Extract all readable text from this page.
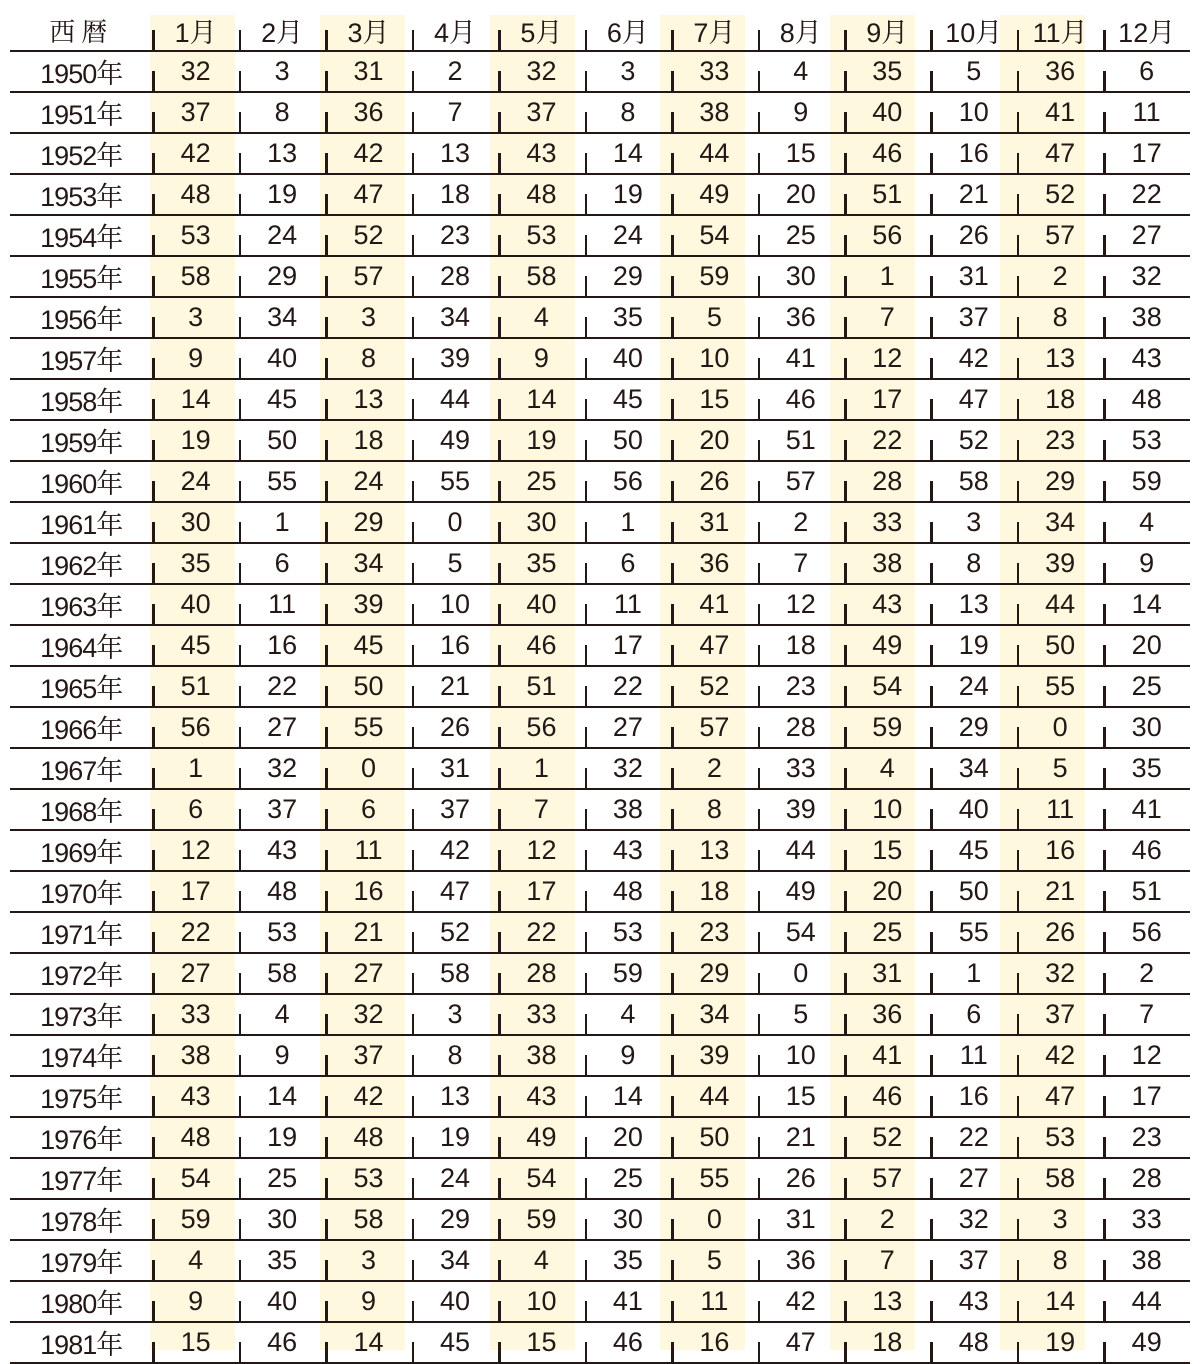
西暦	1月	2月	3月	4月	5月	6月	7月	8月	9月	10月	11月	12月
1950年	32	3	31	2	32	3	33	4	35	5	36	6
1951年	37	8	36	7	37	8	38	9	40	10	41	11
1952年	42	13	42	13	43	14	44	15	46	16	47	17
1953年	48	19	47	18	48	19	49	20	51	21	52	22
1954年	53	24	52	23	53	24	54	25	56	26	57	27
1955年	58	29	57	28	58	29	59	30	1	31	2	32
1956年	3	34	3	34	4	35	5	36	7	37	8	38
1957年	9	40	8	39	9	40	10	41	12	42	13	43
1958年	14	45	13	44	14	45	15	46	17	47	18	48
1959年	19	50	18	49	19	50	20	51	22	52	23	53
1960年	24	55	24	55	25	56	26	57	28	58	29	59
1961年	30	1	29	0	30	1	31	2	33	3	34	4
1962年	35	6	34	5	35	6	36	7	38	8	39	9
1963年	40	11	39	10	40	11	41	12	43	13	44	14
1964年	45	16	45	16	46	17	47	18	49	19	50	20
1965年	51	22	50	21	51	22	52	23	54	24	55	25
1966年	56	27	55	26	56	27	57	28	59	29	0	30
1967年	1	32	0	31	1	32	2	33	4	34	5	35
1968年	6	37	6	37	7	38	8	39	10	40	11	41
1969年	12	43	11	42	12	43	13	44	15	45	16	46
1970年	17	48	16	47	17	48	18	49	20	50	21	51
1971年	22	53	21	52	22	53	23	54	25	55	26	56
1972年	27	58	27	58	28	59	29	0	31	1	32	2
1973年	33	4	32	3	33	4	34	5	36	6	37	7
1974年	38	9	37	8	38	9	39	10	41	11	42	12
1975年	43	14	42	13	43	14	44	15	46	16	47	17
1976年	48	19	48	19	49	20	50	21	52	22	53	23
1977年	54	25	53	24	54	25	55	26	57	27	58	28
1978年	59	30	58	29	59	30	0	31	2	32	3	33
1979年	4	35	3	34	4	35	5	36	7	37	8	38
1980年	9	40	9	40	10	41	11	42	13	43	14	44
1981年	15	46	14	45	15	46	16	47	18	48	19	49
